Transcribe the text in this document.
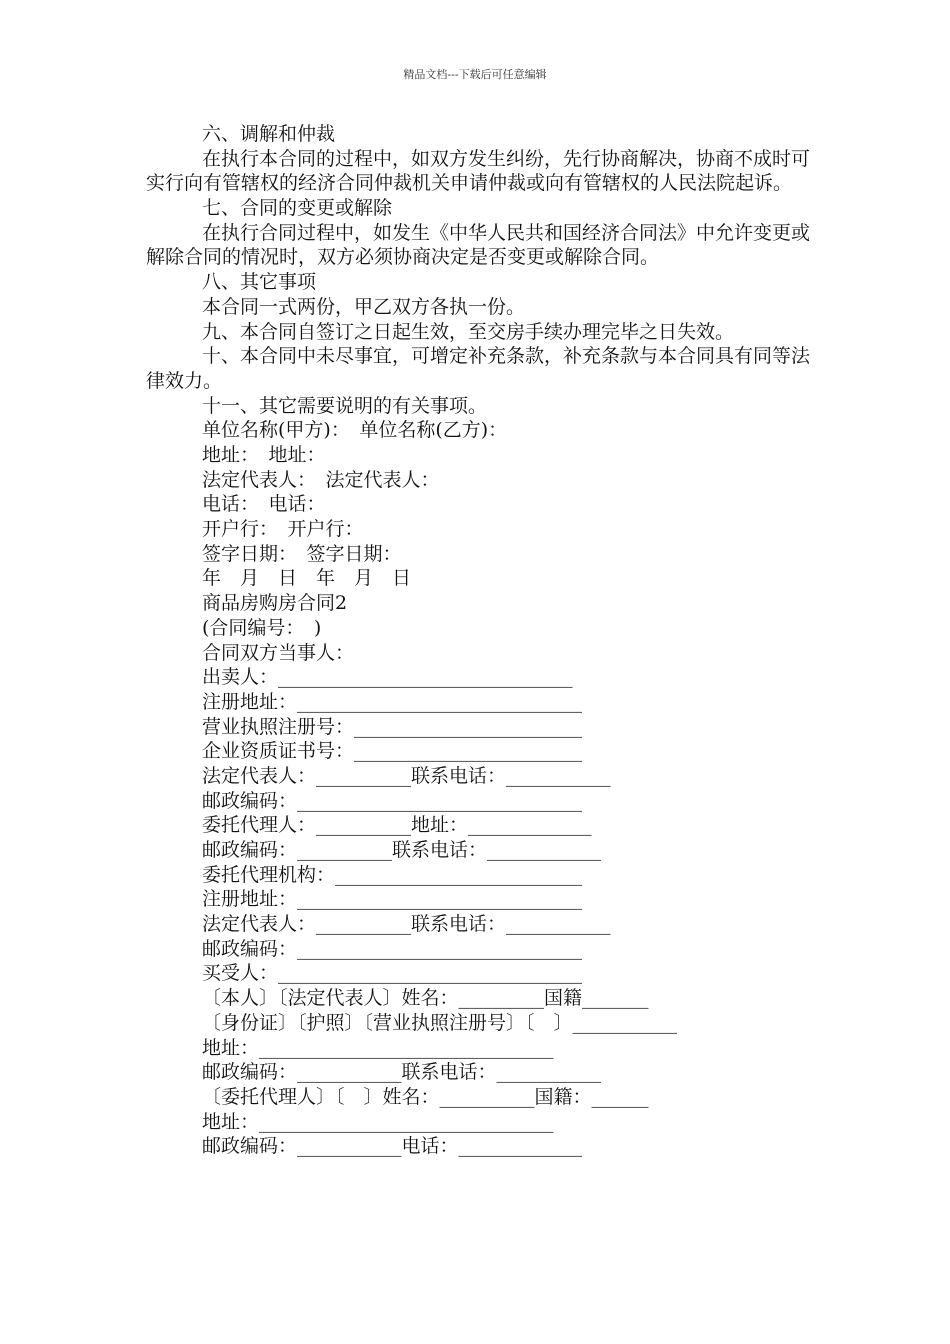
精品文档---下载后可任意编辑
六、调解和仲裁
在执行本合同的过程中，如双方发生纠纷，先行协商解决，协商不成时可实行向有管辖权的经济合同仲裁机关申请仲裁或向有管辖权的人民法院起诉。
七、合同的变更或解除
在执行合同过程中，如发生《中华人民共和国经济合同法》中允许变更或解除合同的情况时，双方必须协商决定是否变更或解除合同。
八、其它事项
本合同一式两份，甲乙双方各执一份。
九、本合同自签订之日起生效，至交房手续办理完毕之日失效。
十、本合同中未尽事宜，可增定补充条款，补充条款与本合同具有同等法律效力。
十一、其它需要说明的有关事项。
单位名称(甲方)：　单位名称(乙方)：
地址：　地址：
法定代表人：　法定代表人：
电话：　电话：
开户行：　开户行：
签字日期：　签字日期：
年　月　日　年　月　日
商品房购房合同2
(合同编号：　)
合同双方当事人：
出卖人：_______________________________
注册地址：______________________________
营业执照注册号：________________________
企业资质证书号：________________________
法定代表人：__________联系电话：___________
邮政编码：______________________________
委托代理人：__________地址：_____________
邮政编码：__________联系电话：____________
委托代理机构：__________________________
注册地址：______________________________
法定代表人：__________联系电话：___________
邮政编码：______________________________
买受人：________________________________
〔本人〕〔法定代表人〕姓名：_________国籍_______
〔身份证〕〔护照〕〔营业执照注册号〕〔　〕___________
地址：_______________________________
邮政编码：___________联系电话：___________
〔委托代理人〕〔　〕姓名：__________国籍：______
地址：_______________________________
邮政编码：___________电话：_____________
